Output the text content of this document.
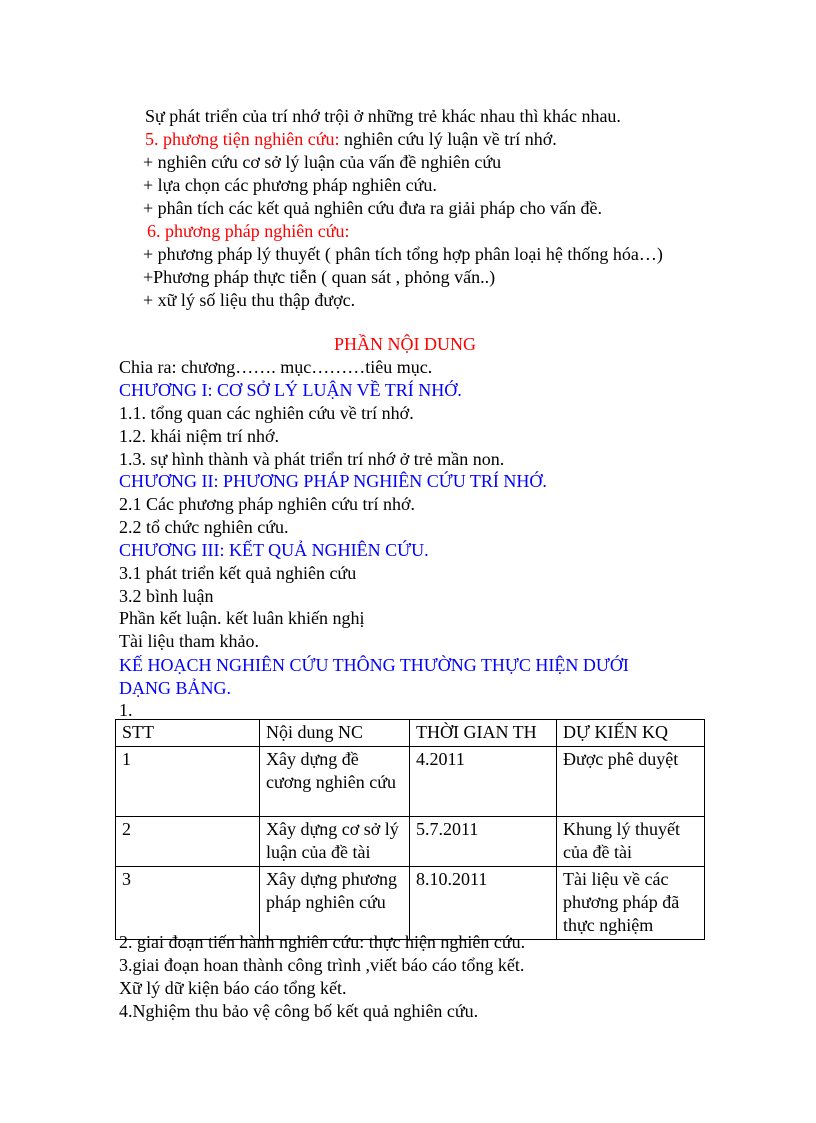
Sự phát triển của trí nhớ trội ở những trẻ khác nhau thì khác nhau.
5. phương tiện nghiên cứu: nghiên cứu lý luận về trí nhớ.
+ nghiên cứu cơ sở lý luận của vấn đề nghiên cứu
+ lựa chọn các phương pháp nghiên cứu.
+ phân tích các kết quả nghiên cứu đưa ra giải pháp cho vấn đề.
6. phương pháp nghiên cứu:
+ phương pháp lý thuyết ( phân tích tổng hợp phân loại hệ thống hóa…)
+Phương pháp thực tiễn ( quan sát , phỏng vấn..)
+ xữ lý số liệu thu thập được.
PHẦN NỘI DUNG
Chia ra: chương……. mục………tiêu mục.
CHƯƠNG I: CƠ SỞ LÝ LUẬN VỀ TRÍ NHỚ.
1.1. tổng quan các nghiên cứu về trí nhớ.
1.2. khái niệm trí nhớ.
1.3. sự hình thành và phát triển trí nhớ ở trẻ mần non.
CHƯƠNG II: PHƯƠNG PHÁP NGHIÊN CỨU TRÍ NHỚ.
2.1 Các phương pháp nghiên cứu trí nhớ.
2.2 tổ chức nghiên cứu.
CHƯƠNG III: KẾT QUẢ NGHIÊN CỨU.
3.1 phát triển kết quả nghiên cứu
3.2 bình luận
Phần kết luận. kết luân khiến nghị
Tài liệu tham khảo.
KẾ HOẠCH NGHIÊN CỨU THÔNG THƯỜNG THỰC HIỆN DƯỚI
DẠNG BẢNG.
1.
STT	Nội dung NC	THỜI GIAN TH	DỰ KIẾN KQ
1	Xây dựng đề cương nghiên cứu	4.2011	Được phê duyệt
2	Xây dựng cơ sở lý luận của đề tài	5.7.2011	Khung lý thuyết của đề tài
3	Xây dựng phương pháp nghiên cứu	8.10.2011	Tài liệu về các phương pháp đã thực nghiệm
2. giai đoạn tiến hành nghiên cứu: thực hiện nghiên cứu.
3.giai đoạn hoan thành công trình ,viết báo cáo tổng kết.
Xữ lý dữ kiện báo cáo tổng kết.
4.Nghiệm thu bảo vệ công bố kết quả nghiên cứu.
